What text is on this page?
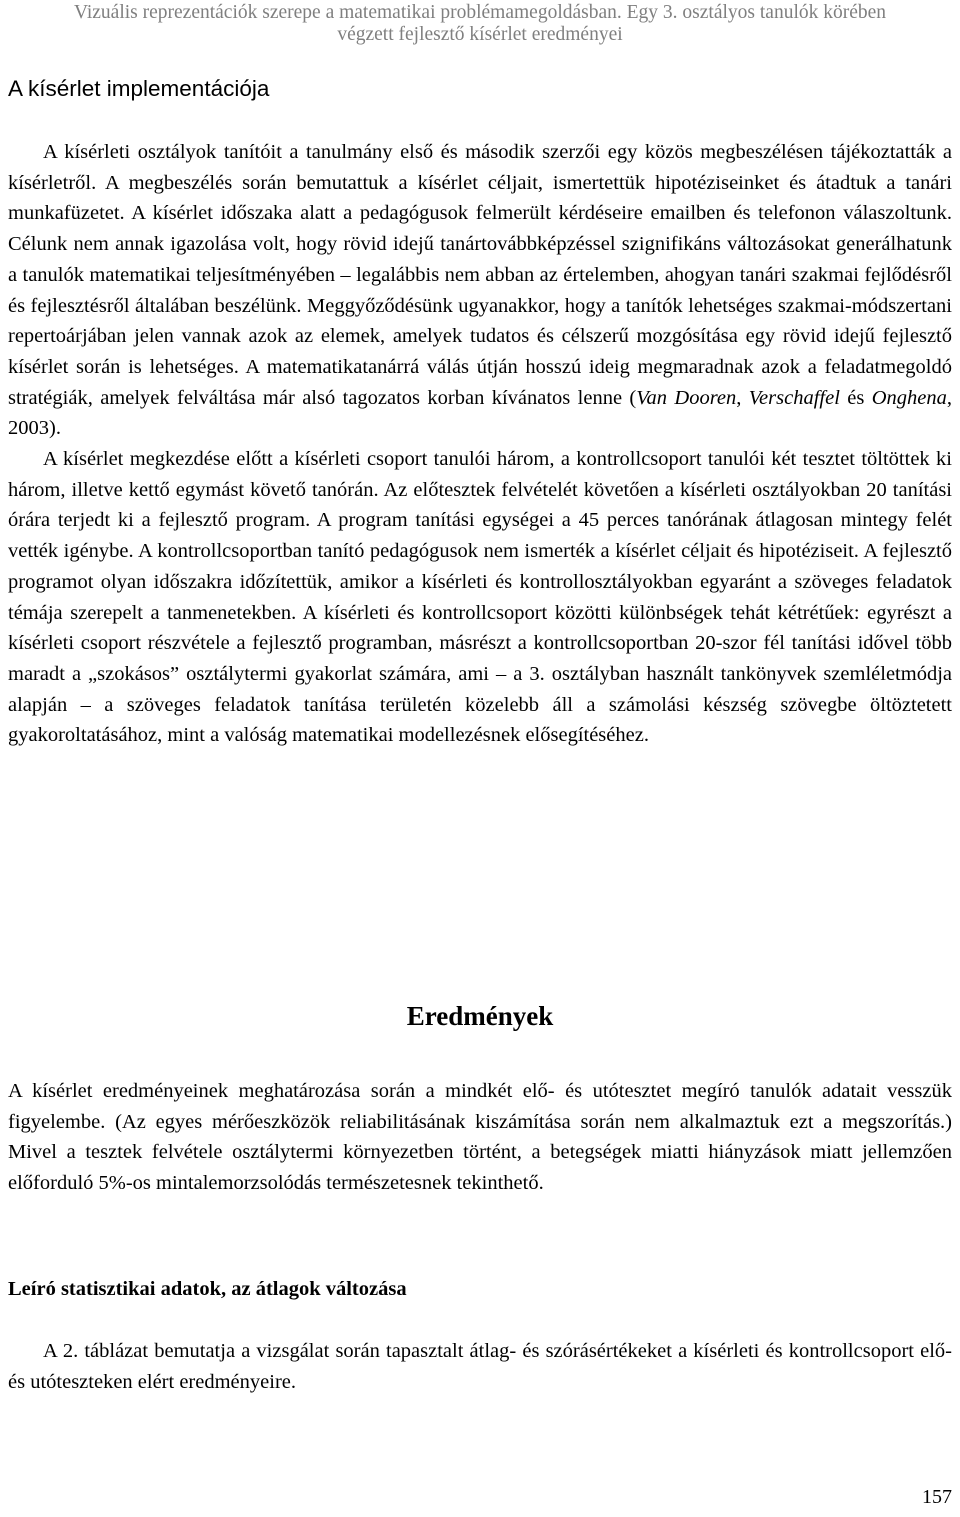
Vizuális reprezentációk szerepe a matematikai problémamegoldásban. Egy 3. osztályos tanulók körében
végzett fejlesztő kísérlet eredményei
A kísérlet implementációja

A kísérleti osztályok tanítóit a tanulmány első és második szerzői egy közös megbeszélésen tájékoztatták a kísérletről. A megbeszélés során bemutattuk a kísérlet céljait, ismertettük hipotéziseinket és átadtuk a tanári munkafüzetet. A kísérlet időszaka alatt a pedagógusok felmerült kérdéseire emailben és telefonon válaszoltunk. Célunk nem annak igazolása volt, hogy rövid idejű tanártovábbképzéssel szignifikáns változásokat generálhatunk a tanulók matematikai teljesítményében – legalábbis nem abban az értelemben, ahogyan tanári szakmai fejlődésről és fejlesztésről általában beszélünk. Meggyőződésünk ugyanakkor, hogy a tanítók lehetséges szakmai-módszertani repertoárjában jelen vannak azok az elemek, amelyek tudatos és célszerű mozgósítása egy rövid idejű fejlesztő kísérlet során is lehetséges. A matematikatanárrá válás útján hosszú ideig megmaradnak azok a feladatmegoldó stratégiák, amelyek felváltása már alsó tagozatos korban kívánatos lenne (Van Dooren, Verschaffel és Onghena, 2003).

A kísérlet megkezdése előtt a kísérleti csoport tanulói három, a kontrollcsoport tanulói két tesztet töltöttek ki három, illetve kettő egymást követő tanórán. Az előtesztek felvételét követően a kísérleti osztályokban 20 tanítási órára terjedt ki a fejlesztő program. A program tanítási egységei a 45 perces tanórának átlagosan mintegy felét vették igénybe. A kontrollcsoportban tanító pedagógusok nem ismerték a kísérlet céljait és hipotéziseit. A fejlesztő programot olyan időszakra időzítettük, amikor a kísérleti és kontrollosztályokban egyaránt a szöveges feladatok témája szerepelt a tanmenetekben. A kísérleti és kontrollcsoport közötti különbségek tehát kétrétűek: egyrészt a kísérleti csoport részvétele a fejlesztő programban, másrészt a kontrollcsoportban 20-szor fél tanítási idővel több maradt a „szokásos” osztálytermi gyakorlat számára, ami – a 3. osztályban használt tankönyvek szemléletmódja alapján – a szöveges feladatok tanítása területén közelebb áll a számolási készség szövegbe öltöztetett gyakoroltatásához, mint a valóság matematikai modellezésnek elősegítéséhez.

Eredmények

A kísérlet eredményeinek meghatározása során a mindkét elő- és utótesztet megíró tanulók adatait vesszük figyelembe. (Az egyes mérőeszközök reliabilitásának kiszámítása során nem alkalmaztuk ezt a megszorítás.) Mivel a tesztek felvétele osztálytermi környezetben történt, a betegségek miatti hiányzások miatt jellemzően előforduló 5%-os mintalemorzsolódás természetesnek tekinthető.

Leíró statisztikai adatok, az átlagok változása

A 2. táblázat bemutatja a vizsgálat során tapasztalt átlag- és szórásértékeket a kísérleti és kontrollcsoport elő- és utóteszteken elért eredményeire.

157
